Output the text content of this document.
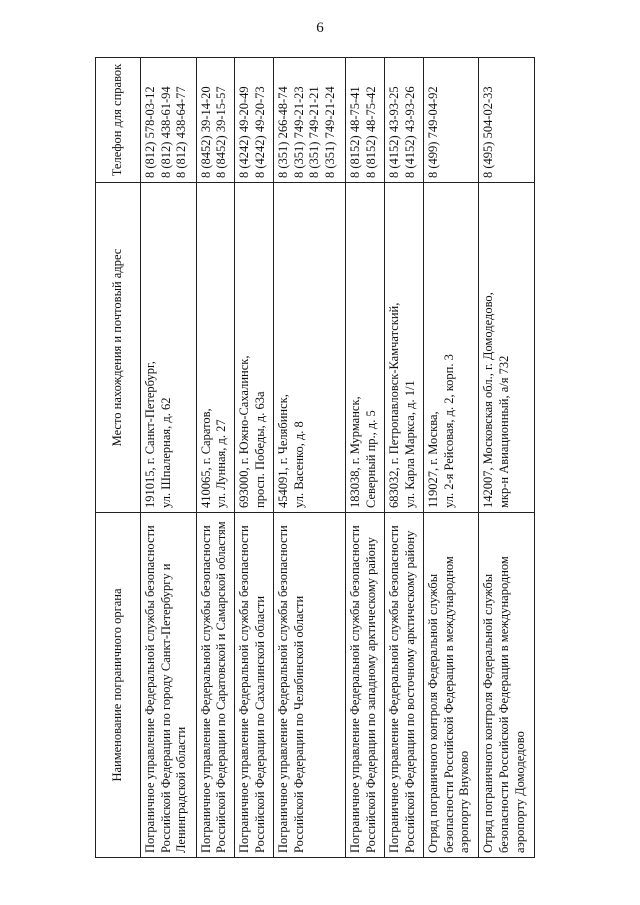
6
Наименование пограничного органа	Место нахождения и почтовый адрес	Телефон для справок

Пограничное управление Федеральной службы безопасности Российской Федерации по городу Санкт-Петербургу и Ленинградской области	191015, г. Санкт-Петербург, ул. Шпалерная, д. 62	8 (812) 578-03-12 8 (812) 438-61-94 8 (812) 438-64-77

Пограничное управление Федеральной службы безопасности Российской Федерации по Саратовской и Самарской областям	410065, г. Саратов, ул. Лунная, д. 27	8 (8452) 39-14-20 8 (8452) 39-15-57

Пограничное управление Федеральной службы безопасности Российской Федерации по Сахалинской области	693000, г. Южно-Сахалинск, просп. Победы, д. 63а	8 (4242) 49-20-49 8 (4242) 49-20-73

Пограничное управление Федеральной службы безопасности Российской Федерации по Челябинской области	454091, г. Челябинск, ул. Васенко, д. 8	8 (351) 266-48-74 8 (351) 749-21-23 8 (351) 749-21-21 8 (351) 749-21-24

Пограничное управление Федеральной службы безопасности Российской Федерации по западному арктическому району	183038, г. Мурманск, Северный пр., д. 5	8 (8152) 48-75-41 8 (8152) 48-75-42

Пограничное управление Федеральной службы безопасности Российской Федерации по восточному арктическому району	683032, г. Петропавловск-Камчатский, ул. Карла Маркса, д. 1/1	8 (4152) 43-93-25 8 (4152) 43-93-26

Отряд пограничного контроля Федеральной службы безопасности Российской Федерации в международном аэропорту Внуково	119027, г. Москва, ул. 2-я Рейсовая, д. 2, корп. 3	8 (499) 749-04-92

Отряд пограничного контроля Федеральной службы безопасности Российской Федерации в международном аэропорту Домодедово	142007, Московская обл., г. Домодедово, мкр-н Авиационный, а/я 732	8 (495) 504-02-33
